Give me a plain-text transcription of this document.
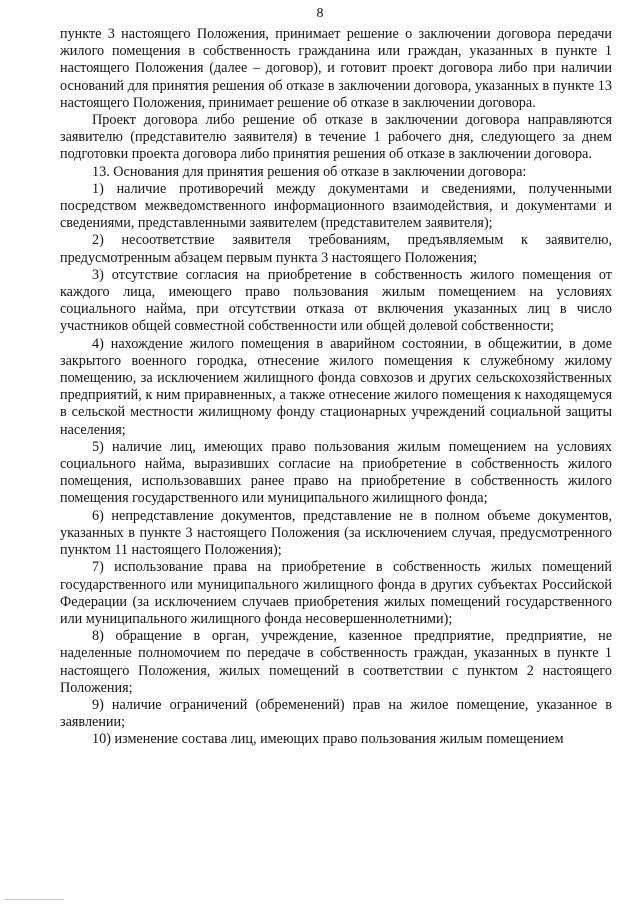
8

пункте 3 настоящего Положения, принимает решение о заключении договора передачи жилого помещения в собственность гражданина или граждан, указанных в пункте 1 настоящего Положения (далее – договор), и готовит проект договора либо при наличии оснований для принятия решения об отказе в заключении договора, указанных в пункте 13 настоящего Положения, принимает решение об отказе в заключении договора.

Проект договора либо решение об отказе в заключении договора направляются заявителю (представителю заявителя) в течение 1 рабочего дня, следующего за днем подготовки проекта договора либо принятия решения об отказе в заключении договора.

13. Основания для принятия решения об отказе в заключении договора:

1) наличие противоречий между документами и сведениями, полученными посредством межведомственного информационного взаимодействия, и документами и сведениями, представленными заявителем (представителем заявителя);

2) несоответствие заявителя требованиям, предъявляемым к заявителю, предусмотренным абзацем первым пункта 3 настоящего Положения;

3) отсутствие согласия на приобретение в собственность жилого помещения от каждого лица, имеющего право пользования жилым помещением на условиях социального найма, при отсутствии отказа от включения указанных лиц в число участников общей совместной собственности или общей долевой собственности;

4) нахождение жилого помещения в аварийном состоянии, в общежитии, в доме закрытого военного городка, отнесение жилого помещения к служебному жилому помещению, за исключением жилищного фонда совхозов и других сельскохозяйственных предприятий, к ним приравненных, а также отнесение жилого помещения к находящемуся в сельской местности жилищному фонду стационарных учреждений социальной защиты населения;

5) наличие лиц, имеющих право пользования жилым помещением на условиях социального найма, выразивших согласие на приобретение в собственность жилого помещения, использовавших ранее право на приобретение в собственность жилого помещения государственного или муниципального жилищного фонда;

6) непредставление документов, представление не в полном объеме документов, указанных в пункте 3 настоящего Положения (за исключением случая, предусмотренного пунктом 11 настоящего Положения);

7) использование права на приобретение в собственность жилых помещений государственного или муниципального жилищного фонда в других субъектах Российской Федерации (за исключением случаев приобретения жилых помещений государственного или муниципального жилищного фонда несовершеннолетними);

8) обращение в орган, учреждение, казенное предприятие, предприятие, не наделенные полномочием по передаче в собственность граждан, указанных в пункте 1 настоящего Положения, жилых помещений в соответствии с пунктом 2 настоящего Положения;

9) наличие ограничений (обременений) прав на жилое помещение, указанное в заявлении;

10) изменение состава лиц, имеющих право пользования жилым помещением
